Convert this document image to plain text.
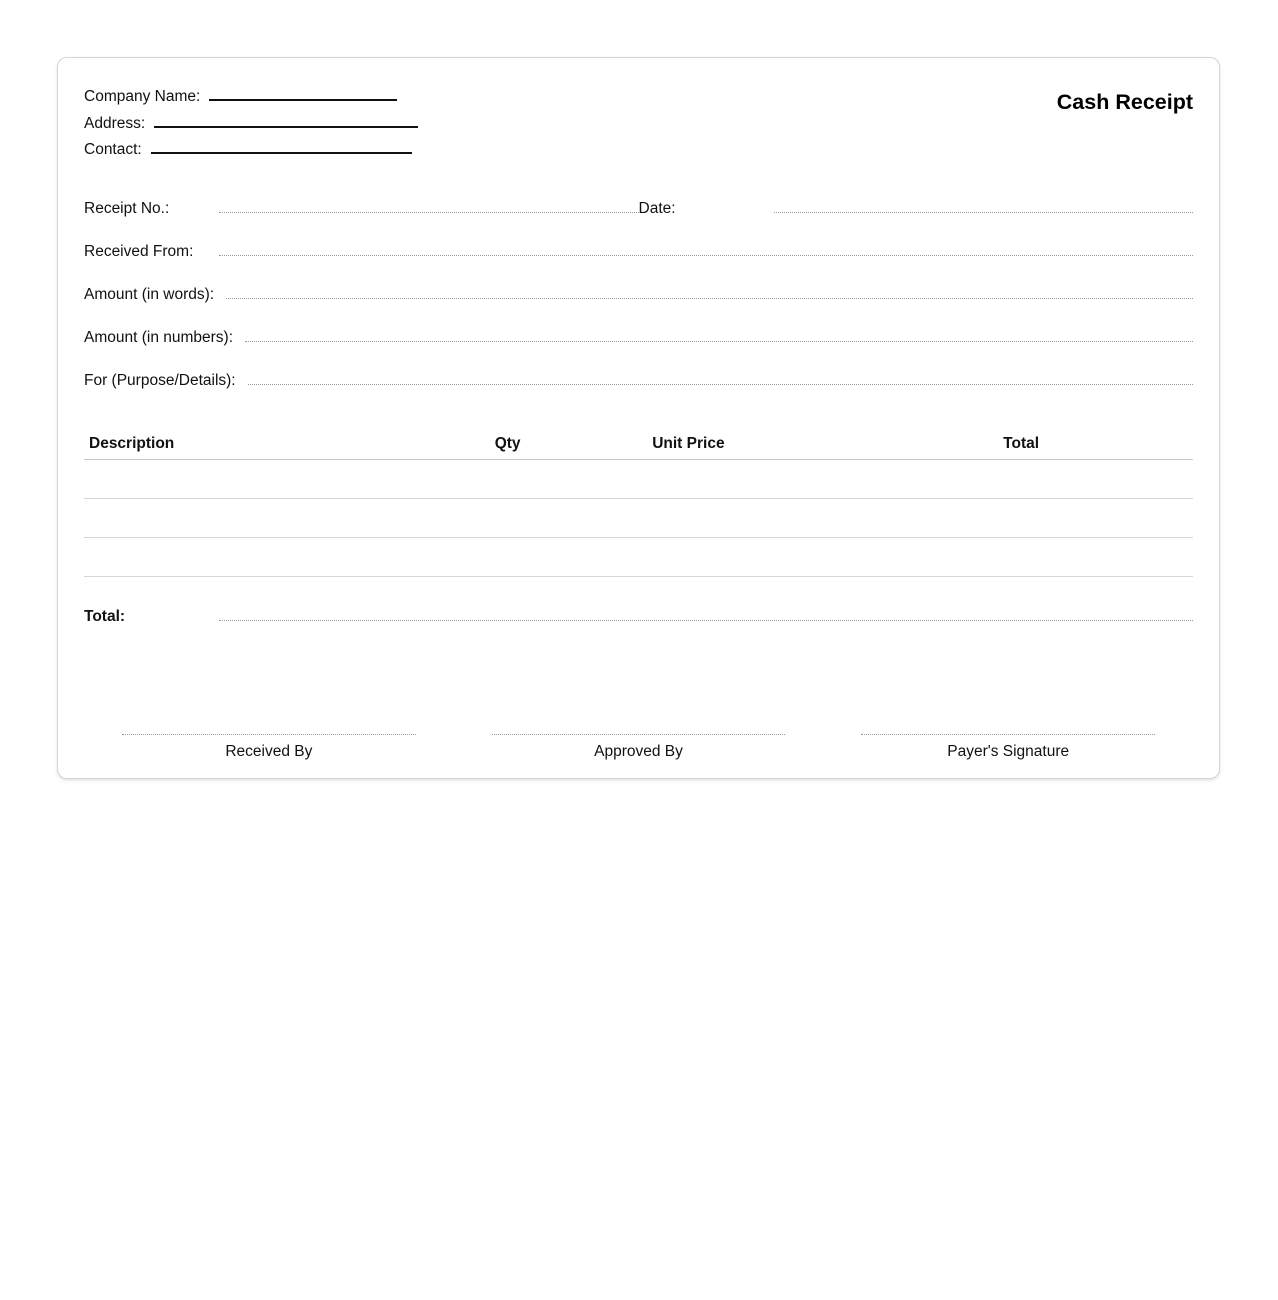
Company Name:
Address:
Contact:
Cash Receipt
Receipt No.:	Date:
Received From:
Amount (in words):
Amount (in numbers):
For (Purpose/Details):
Description	Qty	Unit Price	Total
Total:
Received By	Approved By	Payer's Signature
